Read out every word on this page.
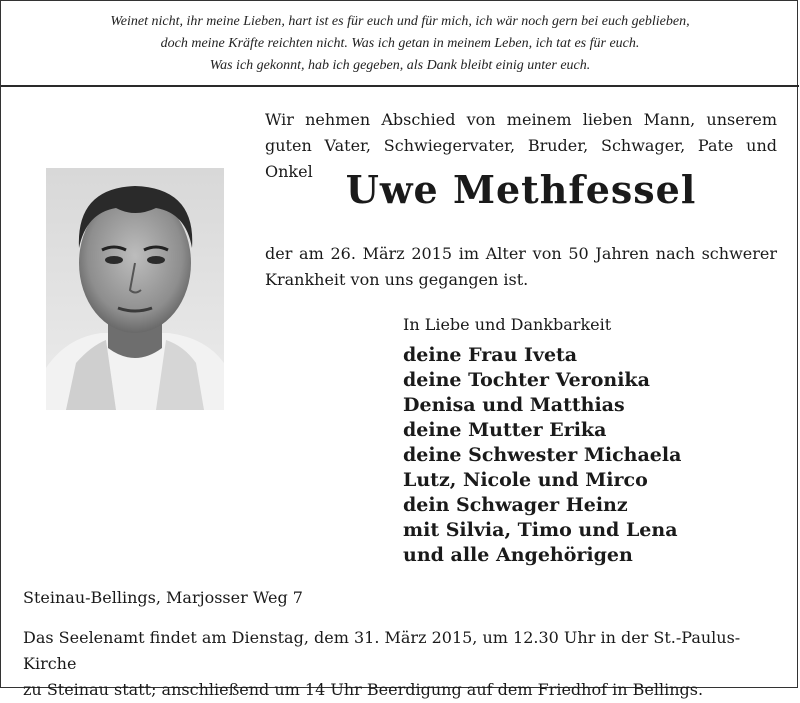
Weinet nicht, ihr meine Lieben, hart ist es für euch und für mich, ich wär noch gern bei euch geblieben,
doch meine Kräfte reichten nicht. Was ich getan in meinem Leben, ich tat es für euch.
Was ich gekonnt, hab ich gegeben, als Dank bleibt einig unter euch.
Wir nehmen Abschied von meinem lieben Mann, unserem
guten Vater, Schwiegervater, Bruder, Schwager, Pate und Onkel Uwe Methfessel
der am 26. März 2015 im Alter von 50 Jahren nach schwerer
Krankheit von uns gegangen ist.
In Liebe und Dankbarkeit
deine Frau Iveta
deine Tochter Veronika
Denisa und Matthias
deine Mutter Erika
deine Schwester Michaela
Lutz, Nicole und Mirco
dein Schwager Heinz
mit Silvia, Timo und Lena
und alle Angehörigen
Steinau-Bellings, Marjosser Weg 7
Das Seelenamt findet am Dienstag, dem 31. März 2015, um 12.30 Uhr in der St.-Paulus-Kirche
zu Steinau statt; anschließend um 14 Uhr Beerdigung auf dem Friedhof in Bellings.
